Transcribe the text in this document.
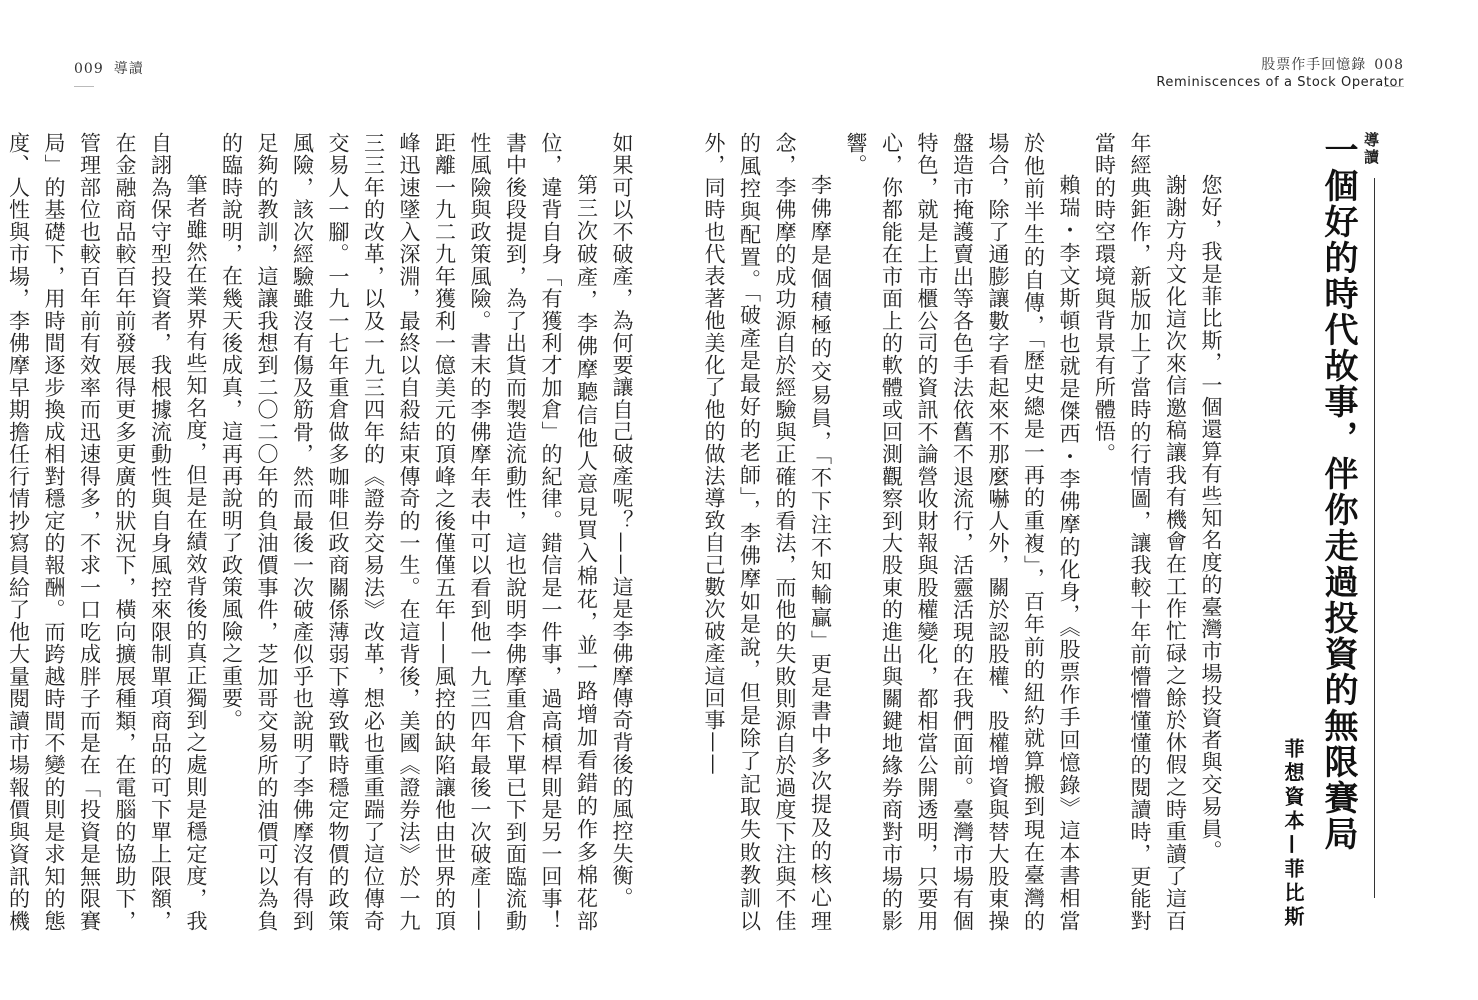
009 導讀

如果可以不破產，為何要讓自己破產呢？——這是李佛摩傳奇背後的風控失衡。

第三次破產，李佛摩聽信他人意見買入棉花，並一路增加看錯的作多棉花部位，違背自身「有獲利才加倉」的紀律。錯信是一件事，過高槓桿則是另一回事！書中後段提到，為了出貨而製造流動性，這也說明李佛摩重倉下單已下到面臨流動性風險與政策風險。書末的李佛摩年表中可以看到他一九三四年最後一次破產——距離一九二九年獲利一億美元的頂峰之後僅僅五年——風控的缺陷讓他由世界的頂峰迅速墜入深淵，最終以自殺結束傳奇的一生。在這背後，美國《證券法》於一九三三年的改革，以及一九三四年的《證券交易法》改革，想必也重重踹了這位傳奇交易人一腳。一九一七年重倉做多咖啡但政商關係薄弱下導致戰時穩定物價的政策風險，該次經驗雖沒有傷及筋骨，然而最後一次破產似乎也說明了李佛摩沒有得到足夠的教訓，這讓我想到二〇二〇年的負油價事件，芝加哥交易所的油價可以為負的臨時說明，在幾天後成真，這再再說明了政策風險之重要。

筆者雖然在業界有些知名度，但是在績效背後的真正獨到之處則是穩定度，我自詡為保守型投資者，我根據流動性與自身風控來限制單項商品的可下單上限額，在金融商品較百年前發展得更多更廣的狀況下，橫向擴展種類，在電腦的協助下，管理部位也較百年前有效率而迅速得多，不求一口吃成胖子而是在「投資是無限賽局」的基礎下，用時間逐步換成相對穩定的報酬。而跨越時間不變的則是求知的態度、人性與市場，李佛摩早期擔任行情抄寫員給了他大量閱讀市場報價與資訊的機

股票作手回憶錄 008
Reminiscences of a Stock Operator
導讀
一個好的時代故事，伴你走過投資的無限賽局
菲想資本—菲比斯

您好，我是菲比斯，一個還算有些知名度的臺灣市場投資者與交易員。

謝謝方舟文化這次來信邀稿讓我有機會在工作忙碌之餘於休假之時重讀了這百年經典鉅作，新版加上了當時的行情圖，讓我較十年前懵懵懂懂的閱讀時，更能對當時的時空環境與背景有所體悟。

賴瑞・李文斯頓也就是傑西・李佛摩的化身，《股票作手回憶錄》這本書相當於他前半生的自傳，「歷史總是一再的重複」，百年前的紐約就算搬到現在臺灣的場合，除了通膨讓數字看起來不那麼嚇人外，關於認股權、股權增資與替大股東操盤造市掩護賣出等各色手法依舊不退流行，活靈活現的在我們面前。臺灣市場有個特色，就是上市櫃公司的資訊不論營收財報與股權變化，都相當公開透明，只要用心，你都能在市面上的軟體或回測觀察到大股東的進出與關鍵地緣券商對市場的影響。

李佛摩是個積極的交易員，「不下注不知輸贏」更是書中多次提及的核心理念，李佛摩的成功源自於經驗與正確的看法，而他的失敗則源自於過度下注與不佳的風控與配置。「破產是最好的老師」，李佛摩如是說，但是除了記取失敗教訓以外，同時也代表著他美化了他的做法導致自己數次破產這回事——
